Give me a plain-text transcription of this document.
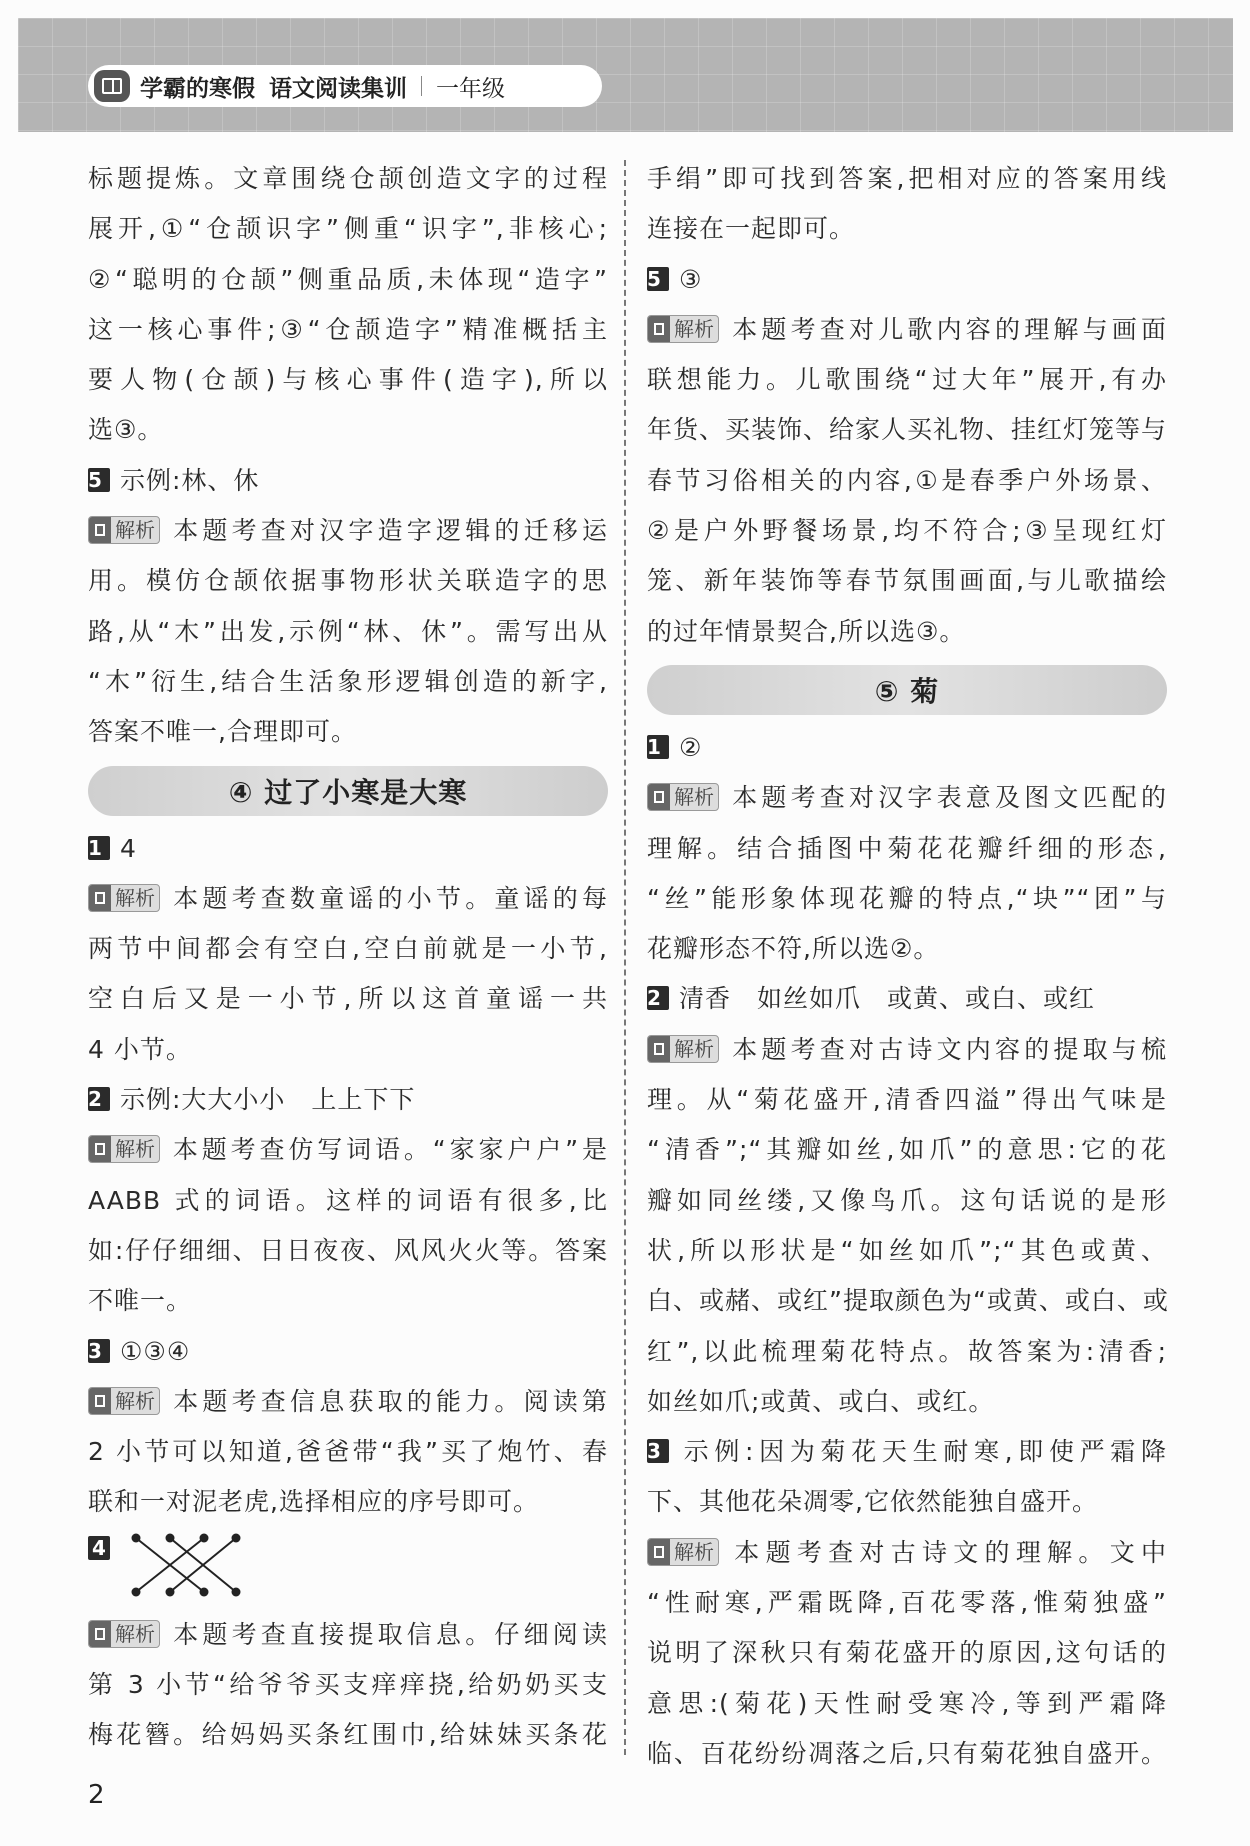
学霸的寒假 语文阅读集训 一年级
标题提炼。文章围绕仓颉创造文字的过程
展开,①“仓颉识字”侧重“识字”,非核心;
②“聪明的仓颉”侧重品质,未体现“造字”
这一核心事件;③“仓颉造字”精准概括主
要人物(仓颉)与核心事件(造字),所以
选③。
5 示例:林、休
解析 本题考查对汉字造字逻辑的迁移运
用。模仿仓颉依据事物形状关联造字的思
路,从“木”出发,示例“林、休”。需写出从
“木”衍生,结合生活象形逻辑创造的新字,
答案不唯一,合理即可。
④ 过了小寒是大寒
1 4
解析 本题考查数童谣的小节。童谣的每
两节中间都会有空白,空白前就是一小节,
空白后又是一小节,所以这首童谣一共
4 小节。
2 示例:大大小小　上上下下
解析 本题考查仿写词语。“家家户户”是
AABB 式的词语。这样的词语有很多,比
如:仔仔细细、日日夜夜、风风火火等。答案
不唯一。
3 ①③④
解析 本题考查信息获取的能力。阅读第
2 小节可以知道,爸爸带“我”买了炮竹、春
联和一对泥老虎,选择相应的序号即可。
4
解析 本题考查直接提取信息。仔细阅读
第 3 小节“给爷爷买支痒痒挠,给奶奶买支
梅花簪。给妈妈买条红围巾,给妹妹买条花
手绢”即可找到答案,把相对应的答案用线
连接在一起即可。
5 ③
解析 本题考查对儿歌内容的理解与画面
联想能力。儿歌围绕“过大年”展开,有办
年货、买装饰、给家人买礼物、挂红灯笼等与
春节习俗相关的内容,①是春季户外场景、
②是户外野餐场景,均不符合;③呈现红灯
笼、新年装饰等春节氛围画面,与儿歌描绘
的过年情景契合,所以选③。
⑤ 菊
1 ②
解析 本题考查对汉字表意及图文匹配的
理解。结合插图中菊花花瓣纤细的形态,
“丝”能形象体现花瓣的特点,“块”“团”与
花瓣形态不符,所以选②。
2 清香　如丝如爪　或黄、或白、或红
解析 本题考查对古诗文内容的提取与梳
理。从“菊花盛开,清香四溢”得出气味是
“清香”;“其瓣如丝,如爪”的意思:它的花
瓣如同丝缕,又像鸟爪。这句话说的是形
状,所以形状是“如丝如爪”;“其色或黄、
白、或赭、或红”提取颜色为“或黄、或白、或
红”,以此梳理菊花特点。故答案为:清香;
如丝如爪;或黄、或白、或红。
3 示例:因为菊花天生耐寒,即使严霜降
下、其他花朵凋零,它依然能独自盛开。
解析 本题考查对古诗文的理解。文中
“性耐寒,严霜既降,百花零落,惟菊独盛”
说明了深秋只有菊花盛开的原因,这句话的
意思:(菊花)天性耐受寒冷,等到严霜降
临、百花纷纷凋落之后,只有菊花独自盛开。
2
